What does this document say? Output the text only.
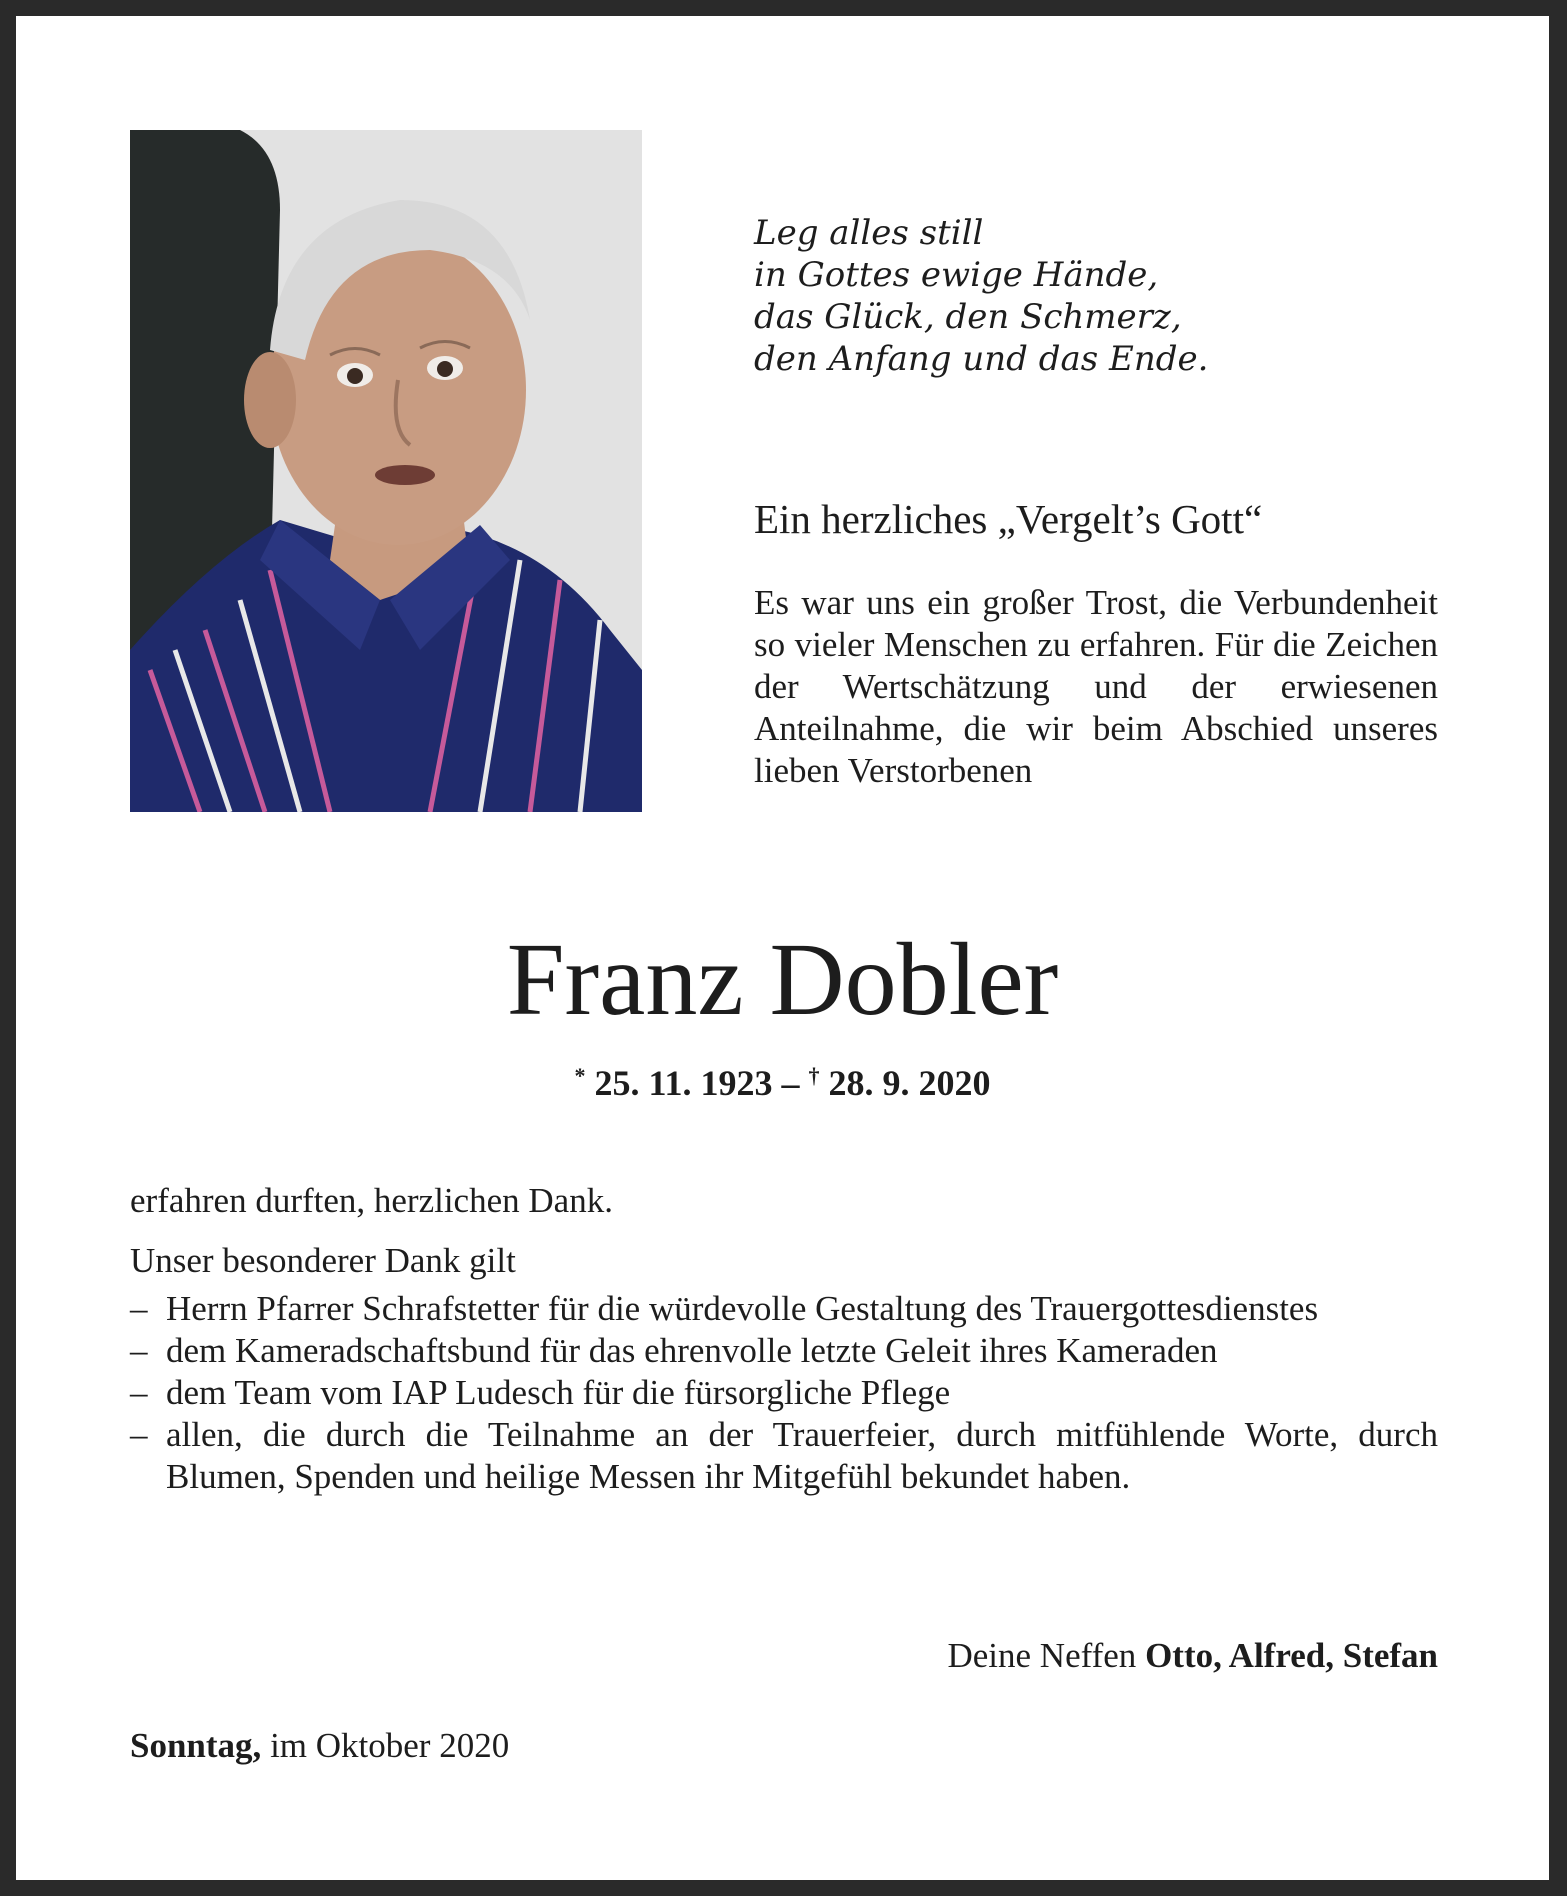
Leg alles still
in Gottes ewige Hände,
das Glück, den Schmerz,
den Anfang und das Ende.
Ein herzliches „Vergelt’s Gott“

Es war uns ein großer Trost, die Verbundenheit so vieler Menschen zu erfahren. Für die Zeichen der Wertschätzung und der erwiesenen Anteilnahme, die wir beim Abschied unseres lieben Verstorbenen

Franz Dobler

* 25. 11. 1923 – † 28. 9. 2020

erfahren durften, herzlichen Dank.

Unser besonderer Dank gilt

– Herrn Pfarrer Schrafstetter für die würdevolle Gestaltung des Trauergottesdienstes
– dem Kameradschaftsbund für das ehrenvolle letzte Geleit ihres Kameraden
– dem Team vom IAP Ludesch für die fürsorgliche Pflege
– allen, die durch die Teilnahme an der Trauerfeier, durch mitfühlende Worte, durch Blumen, Spenden und heilige Messen ihr Mitgefühl bekundet haben.

Deine Neffen Otto, Alfred, Stefan

Sonntag, im Oktober 2020
